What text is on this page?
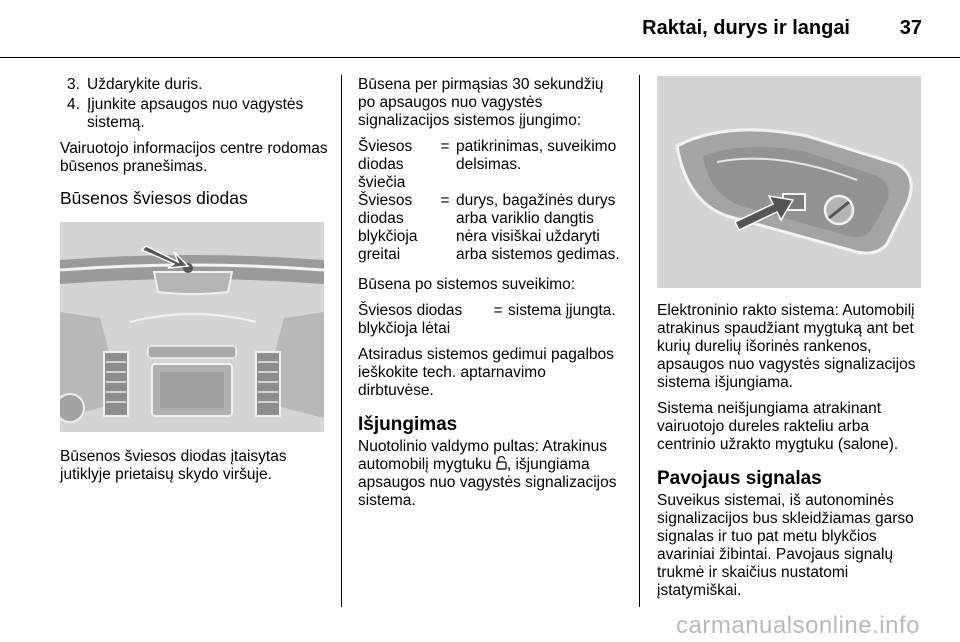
Raktai, durys ir langai 37
3. Uždarykite duris.
4. Įjunkite apsaugos nuo vagystės sistemą.

Vairuotojo informacijos centre rodomas būsenos pranešimas.

Būsenos šviesos diodas

Būsenos šviesos diodas įtaisytas jutiklyje prietaisų skydo viršuje.

Būsena per pirmąsias 30 sekundžių po apsaugos nuo vagystės signalizacijos sistemos įjungimo:

Šviesos diodas šviečia	=	patikrinimas, suveikimo delsimas.
Šviesos diodas blykčioja greitai	=	durys, bagažinės durys arba variklio dangtis nėra visiškai uždaryti arba sistemos gedimas.

Būsena po sistemos suveikimo:

Šviesos diodas blykčioja lėtai	=	sistema įjungta.

Atsiradus sistemos gedimui pagalbos ieškokite tech. aptarnavimo dirbtuvėse.

Išjungimas

Nuotolinio valdymo pultas: Atrakinus automobilį mygtuku , išjungiama apsaugos nuo vagystės signalizacijos sistema.

Elektroninio rakto sistema: Automobilį atrakinus spaudžiant mygtuką ant bet kurių durelių išorinės rankenos, apsaugos nuo vagystės signalizacijos sistema išjungiama.

Sistema neišjungiama atrakinant vairuotojo dureles rakteliu arba centrinio užrakto mygtuku (salone).

Pavojaus signalas

Suveikus sistemai, iš autonominės signalizacijos bus skleidžiamas garso signalas ir tuo pat metu blykčios avariniai žibintai. Pavojaus signalų trukmė ir skaičius nustatomi įstatymiškai.

carmanualsonline.info
